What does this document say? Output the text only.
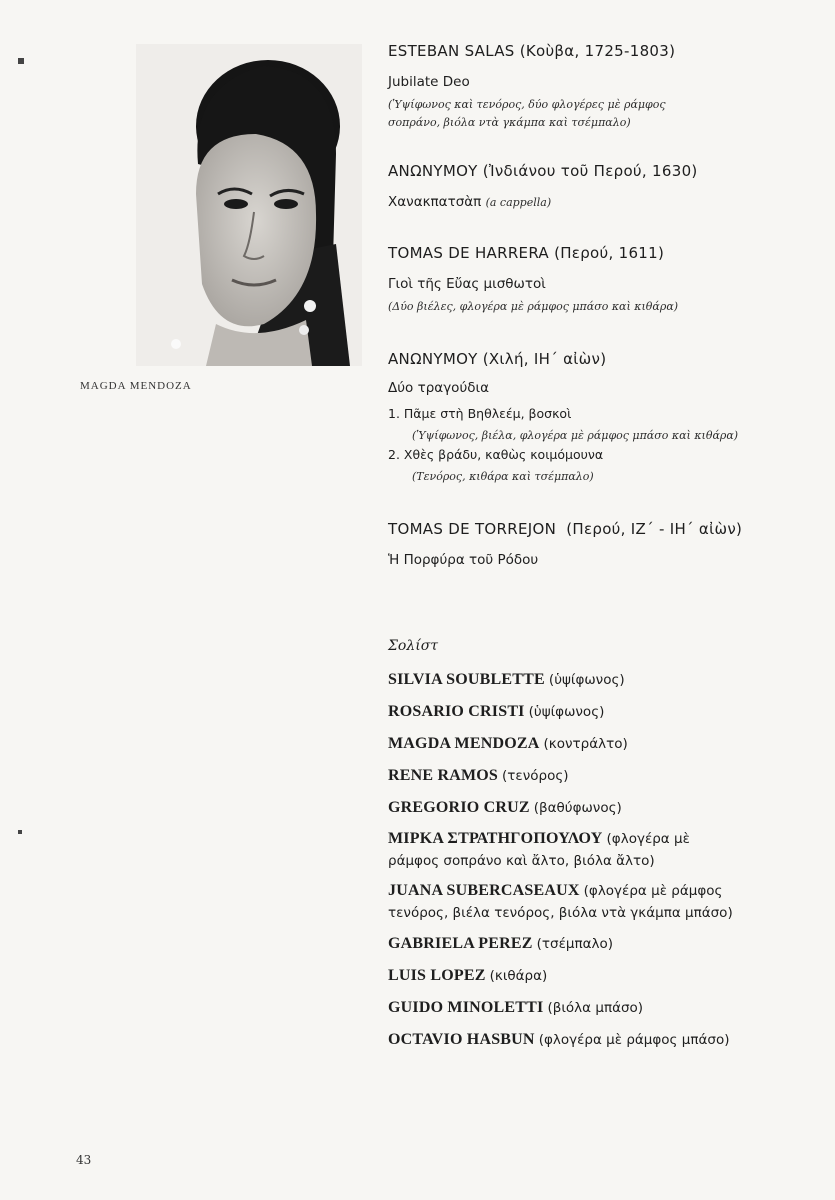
MAGDA MENDOZA
ESTEBAN SALAS (Κοὺβα, 1725-1803)
Jubilate Deo
(Ὑψίφωνος καὶ τενόρος, δύο φλογέρες μὲ ράμφος
σοπράνο, βιόλα ντὰ γκάμπα καὶ τσέμπαλο)
ΑΝΩΝΥΜΟΥ (Ἰνδιάνου τοῦ Περού, 1630)
Χανακπατσὰπ (a cappella)
TOMAS DE HARRERA (Περού, 1611)
Γιοὶ τῆς Εὔας μισθωτοὶ
(Δύο βιέλες, φλογέρα μὲ ράμφος μπάσο καὶ κιθάρα)
ΑΝΩΝΥΜΟΥ (Χιλή, ΙΗ΄ αἰὼν)
Δύο τραγούδια
1. Πᾶμε στὴ Βηθλεέμ, βοσκοὶ
(Ὑψίφωνος, βιέλα, φλογέρα μὲ ράμφος μπάσο καὶ κιθάρα)
2. Χθὲς βράδυ, καθὼς κοιμόμουνα
(Τενόρος, κιθάρα καὶ τσέμπαλο)
TOMAS DE TORREJON  (Περού, ΙΖ΄ - ΙΗ΄ αἰὼν)
Ἡ Πορφύρα τοῦ Ρόδου
Σολίστ
SILVIA SOUBLETTE (ὑψίφωνος)
ROSARIO CRISTI (ὑψίφωνος)
MAGDA MENDOZA (κοντράλτο)
RENE RAMOS (τενόρος)
GREGORIO CRUZ (βαθύφωνος)
ΜΙΡΚΑ ΣΤΡΑΤΗΓΟΠΟΥΛΟΥ (φλογέρα μὲ
ράμφος σοπράνο καὶ ἄλτο, βιόλα ἄλτο)
JUANA SUBERCASEAUX (φλογέρα μὲ ράμφος
τενόρος, βιέλα τενόρος, βιόλα ντὰ γκάμπα μπάσο)
GABRIELA PEREZ (τσέμπαλο)
LUIS LOPEZ (κιθάρα)
GUIDO MINOLETTI (βιόλα μπάσο)
OCTAVIO HASBUN (φλογέρα μὲ ράμφος μπάσο)
43
